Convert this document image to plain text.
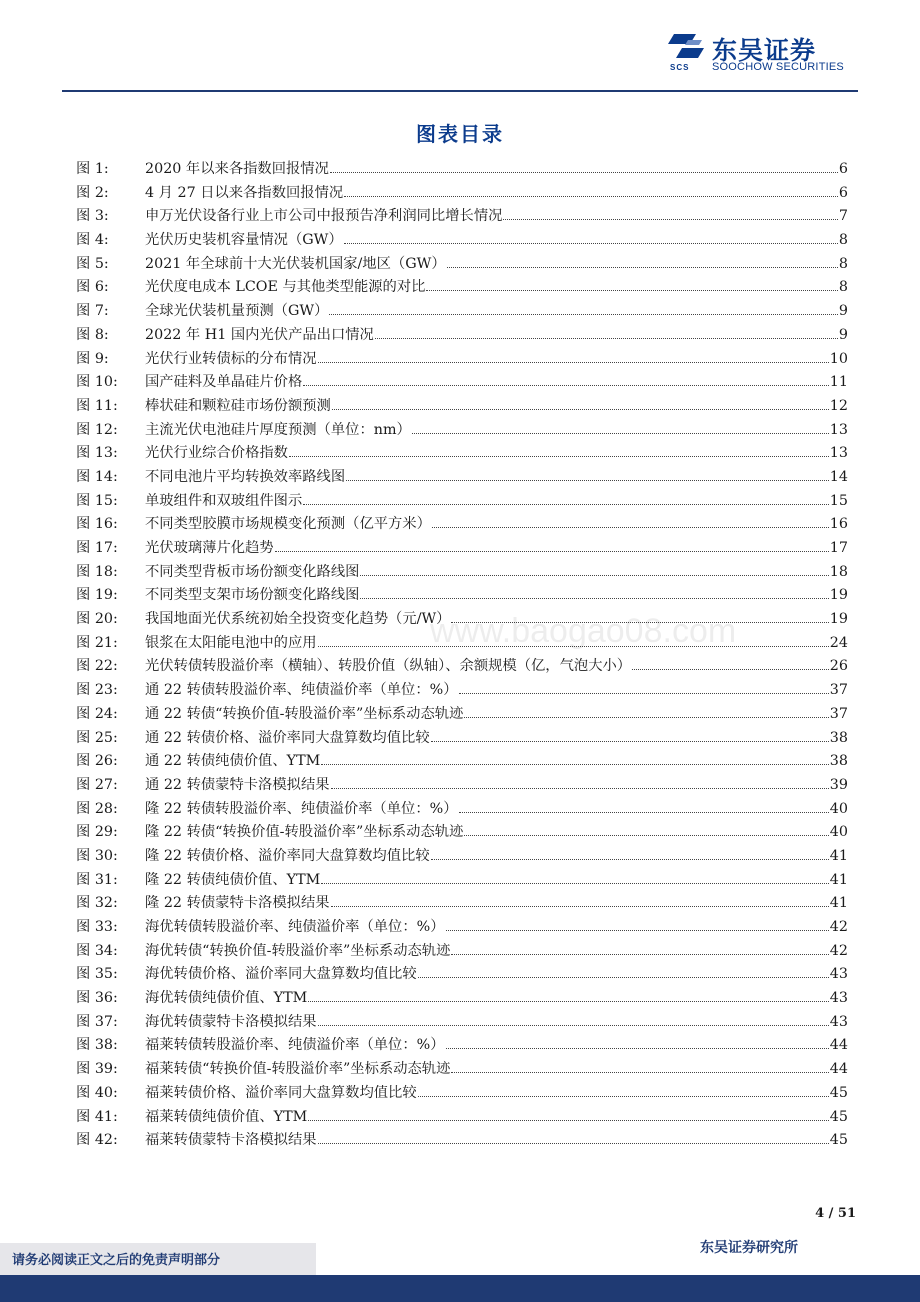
SCS
东吴证券
SOOCHOW SECURITIES
图表目录
图 1:	2020 年以来各指数回报情况	6
图 2:	4 月 27 日以来各指数回报情况	6
图 3:	申万光伏设备行业上市公司中报预告净利润同比增长情况	7
图 4:	光伏历史装机容量情况（GW）	8
图 5:	2021 年全球前十大光伏装机国家/地区（GW）	8
图 6:	光伏度电成本 LCOE 与其他类型能源的对比	8
图 7:	全球光伏装机量预测（GW）	9
图 8:	2022 年 H1 国内光伏产品出口情况	9
图 9:	光伏行业转债标的分布情况	10
图 10:	国产硅料及单晶硅片价格	11
图 11:	棒状硅和颗粒硅市场份额预测	12
图 12:	主流光伏电池硅片厚度预测（单位：nm）	13
图 13:	光伏行业综合价格指数	13
图 14:	不同电池片平均转换效率路线图	14
图 15:	单玻组件和双玻组件图示	15
图 16:	不同类型胶膜市场规模变化预测（亿平方米）	16
图 17:	光伏玻璃薄片化趋势	17
图 18:	不同类型背板市场份额变化路线图	18
图 19:	不同类型支架市场份额变化路线图	19
图 20:	我国地面光伏系统初始全投资变化趋势（元/W）	19
图 21:	银浆在太阳能电池中的应用	24
图 22:	光伏转债转股溢价率（横轴）、转股价值（纵轴）、余额规模（亿，气泡大小）	26
图 23:	通 22 转债转股溢价率、纯债溢价率（单位：%）	37
图 24:	通 22 转债“转换价值-转股溢价率”坐标系动态轨迹	37
图 25:	通 22 转债价格、溢价率同大盘算数均值比较	38
图 26:	通 22 转债纯债价值、YTM	38
图 27:	通 22 转债蒙特卡洛模拟结果	39
图 28:	隆 22 转债转股溢价率、纯债溢价率（单位：%）	40
图 29:	隆 22 转债“转换价值-转股溢价率”坐标系动态轨迹	40
图 30:	隆 22 转债价格、溢价率同大盘算数均值比较	41
图 31:	隆 22 转债纯债价值、YTM	41
图 32:	隆 22 转债蒙特卡洛模拟结果	41
图 33:	海优转债转股溢价率、纯债溢价率（单位：%）	42
图 34:	海优转债“转换价值-转股溢价率”坐标系动态轨迹	42
图 35:	海优转债价格、溢价率同大盘算数均值比较	43
图 36:	海优转债纯债价值、YTM	43
图 37:	海优转债蒙特卡洛模拟结果	43
图 38:	福莱转债转股溢价率、纯债溢价率（单位：%）	44
图 39:	福莱转债“转换价值-转股溢价率”坐标系动态轨迹	44
图 40:	福莱转债价格、溢价率同大盘算数均值比较	45
图 41:	福莱转债纯债价值、YTM	45
图 42:	福莱转债蒙特卡洛模拟结果	45
www.baogao08.com
4 / 51
请务必阅读正文之后的免责声明部分
东吴证券研究所
